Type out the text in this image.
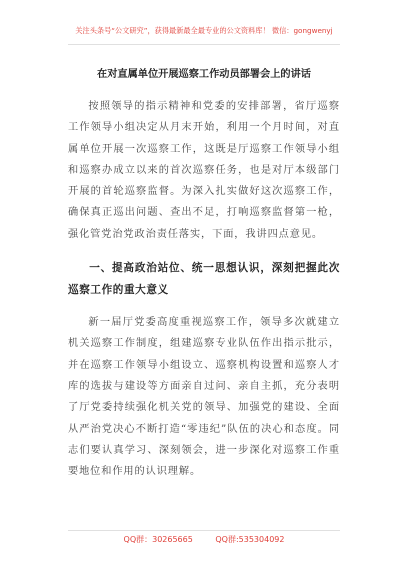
关注头条号“公文研究”，获得最新最全最专业的公文资料库！ 微信：gongwenyj
在对直属单位开展巡察工作动员部署会上的讲话

按照领导的指示精神和党委的安排部署，省厅巡察工作领导小组决定从月末开始，利用一个月时间，对直属单位开展一次巡察工作，这既是厅巡察工作领导小组和巡察办成立以来的首次巡察任务，也是对厅本级部门开展的首轮巡察监督。为深入扎实做好这次巡察工作，确保真正巡出问题、查出不足，打响巡察监督第一枪，强化管党治党政治责任落实，下面，我讲四点意见。

一、提高政治站位、统一思想认识，深刻把握此次巡察工作的重大意义

新一届厅党委高度重视巡察工作，领导多次就建立机关巡察工作制度，组建巡察专业队伍作出指示批示，并在巡察工作领导小组设立、巡察机构设置和巡察人才库的选拔与建设等方面亲自过问、亲自主抓，充分表明了厅党委持续强化机关党的领导、加强党的建设、全面从严治党决心不断打造“零违纪”队伍的决心和态度。同志们要认真学习、深刻领会，进一步深化对巡察工作重要地位和作用的认识理解。

QQ群：30265665	QQ群:535304092
